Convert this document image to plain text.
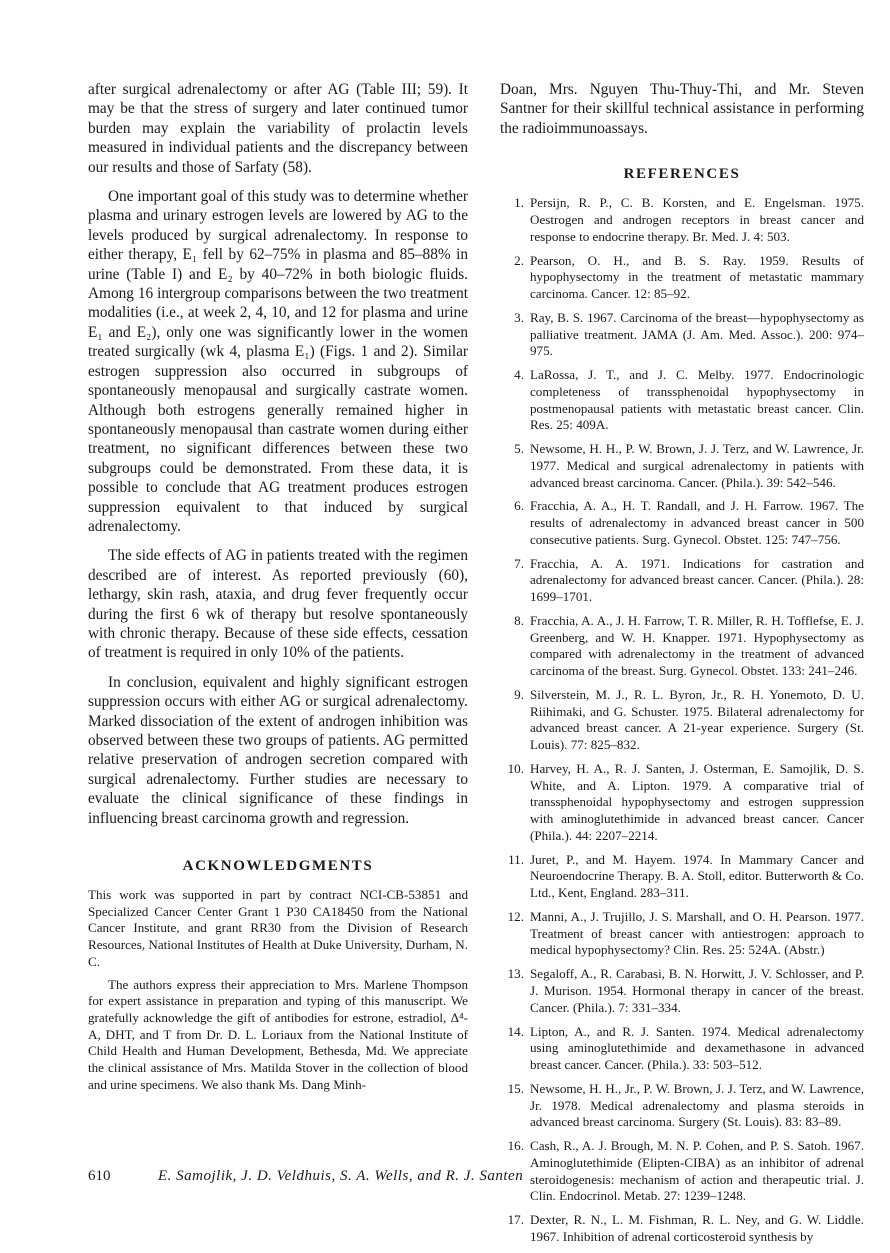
after surgical adrenalectomy or after AG (Table III; 59). It may be that the stress of surgery and later continued tumor burden may explain the variability of prolactin levels measured in individual patients and the discrepancy between our results and those of Sarfaty (58).

One important goal of this study was to determine whether plasma and urinary estrogen levels are lowered by AG to the levels produced by surgical adrenalectomy. In response to either therapy, E₁ fell by 62–75% in plasma and 85–88% in urine (Table I) and E₂ by 40–72% in both biologic fluids. Among 16 intergroup comparisons between the two treatment modalities (i.e., at week 2, 4, 10, and 12 for plasma and urine E₁ and E₂), only one was significantly lower in the women treated surgically (wk 4, plasma E₁) (Figs. 1 and 2). Similar estrogen suppression also occurred in subgroups of spontaneously menopausal and surgically castrate women. Although both estrogens generally remained higher in spontaneously menopausal than castrate women during either treatment, no significant differences between these two subgroups could be demonstrated. From these data, it is possible to conclude that AG treatment produces estrogen suppression equivalent to that induced by surgical adrenalectomy.

The side effects of AG in patients treated with the regimen described are of interest. As reported previously (60), lethargy, skin rash, ataxia, and drug fever frequently occur during the first 6 wk of therapy but resolve spontaneously with chronic therapy. Because of these side effects, cessation of treatment is required in only 10% of the patients.

In conclusion, equivalent and highly significant estrogen suppression occurs with either AG or surgical adrenalectomy. Marked dissociation of the extent of androgen inhibition was observed between these two groups of patients. AG permitted relative preservation of androgen secretion compared with surgical adrenalectomy. Further studies are necessary to evaluate the clinical significance of these findings in influencing breast carcinoma growth and regression.

ACKNOWLEDGMENTS

This work was supported in part by contract NCI-CB-53851 and Specialized Cancer Center Grant 1 P30 CA18450 from the National Cancer Institute, and grant RR30 from the Division of Research Resources, National Institutes of Health at Duke University, Durham, N. C.

The authors express their appreciation to Mrs. Marlene Thompson for expert assistance in preparation and typing of this manuscript. We gratefully acknowledge the gift of antibodies for estrone, estradiol, Δ⁴-A, DHT, and T from Dr. D. L. Loriaux from the National Institute of Child Health and Human Development, Bethesda, Md. We appreciate the clinical assistance of Mrs. Matilda Stover in the collection of blood and urine specimens. We also thank Ms. Dang Minh-

Doan, Mrs. Nguyen Thu-Thuy-Thi, and Mr. Steven Santner for their skillful technical assistance in performing the radioimmunoassays.

REFERENCES
1. Persijn, R. P., C. B. Korsten, and E. Engelsman. 1975. Oestrogen and androgen receptors in breast cancer and response to endocrine therapy. Br. Med. J. 4: 503.
2. Pearson, O. H., and B. S. Ray. 1959. Results of hypophysectomy in the treatment of metastatic mammary carcinoma. Cancer. 12: 85–92.
3. Ray, B. S. 1967. Carcinoma of the breast—hypophysectomy as palliative treatment. JAMA (J. Am. Med. Assoc.). 200: 974–975.
4. LaRossa, J. T., and J. C. Melby. 1977. Endocrinologic completeness of transsphenoidal hypophysectomy in postmenopausal patients with metastatic breast cancer. Clin. Res. 25: 409A.
5. Newsome, H. H., P. W. Brown, J. J. Terz, and W. Lawrence, Jr. 1977. Medical and surgical adrenalectomy in patients with advanced breast carcinoma. Cancer. (Phila.). 39: 542–546.
6. Fracchia, A. A., H. T. Randall, and J. H. Farrow. 1967. The results of adrenalectomy in advanced breast cancer in 500 consecutive patients. Surg. Gynecol. Obstet. 125: 747–756.
7. Fracchia, A. A. 1971. Indications for castration and adrenalectomy for advanced breast cancer. Cancer. (Phila.). 28: 1699–1701.
8. Fracchia, A. A., J. H. Farrow, T. R. Miller, R. H. Tofflefse, E. J. Greenberg, and W. H. Knapper. 1971. Hypophysectomy as compared with adrenalectomy in the treatment of advanced carcinoma of the breast. Surg. Gynecol. Obstet. 133: 241–246.
9. Silverstein, M. J., R. L. Byron, Jr., R. H. Yonemoto, D. U. Riihimaki, and G. Schuster. 1975. Bilateral adrenalectomy for advanced breast cancer. A 21-year experience. Surgery (St. Louis). 77: 825–832.
10. Harvey, H. A., R. J. Santen, J. Osterman, E. Samojlik, D. S. White, and A. Lipton. 1979. A comparative trial of transsphenoidal hypophysectomy and estrogen suppression with aminoglutethimide in advanced breast cancer. Cancer (Phila.). 44: 2207–2214.
11. Juret, P., and M. Hayem. 1974. In Mammary Cancer and Neuroendocrine Therapy. B. A. Stoll, editor. Butterworth & Co. Ltd., Kent, England. 283–311.
12. Manni, A., J. Trujillo, J. S. Marshall, and O. H. Pearson. 1977. Treatment of breast cancer with antiestrogen: approach to medical hypophysectomy? Clin. Res. 25: 524A. (Abstr.)
13. Segaloff, A., R. Carabasi, B. N. Horwitt, J. V. Schlosser, and P. J. Murison. 1954. Hormonal therapy in cancer of the breast. Cancer. (Phila.). 7: 331–334.
14. Lipton, A., and R. J. Santen. 1974. Medical adrenalectomy using aminoglutethimide and dexamethasone in advanced breast cancer. Cancer. (Phila.). 33: 503–512.
15. Newsome, H. H., Jr., P. W. Brown, J. J. Terz, and W. Lawrence, Jr. 1978. Medical adrenalectomy and plasma steroids in advanced breast carcinoma. Surgery (St. Louis). 83: 83–89.
16. Cash, R., A. J. Brough, M. N. P. Cohen, and P. S. Satoh. 1967. Aminoglutethimide (Elipten-CIBA) as an inhibitor of adrenal steroidogenesis: mechanism of action and therapeutic trial. J. Clin. Endocrinol. Metab. 27: 1239–1248.
17. Dexter, R. N., L. M. Fishman, R. L. Ney, and G. W. Liddle. 1967. Inhibition of adrenal corticosteroid synthesis by
610	E. Samojlik, J. D. Veldhuis, S. A. Wells, and R. J. Santen
